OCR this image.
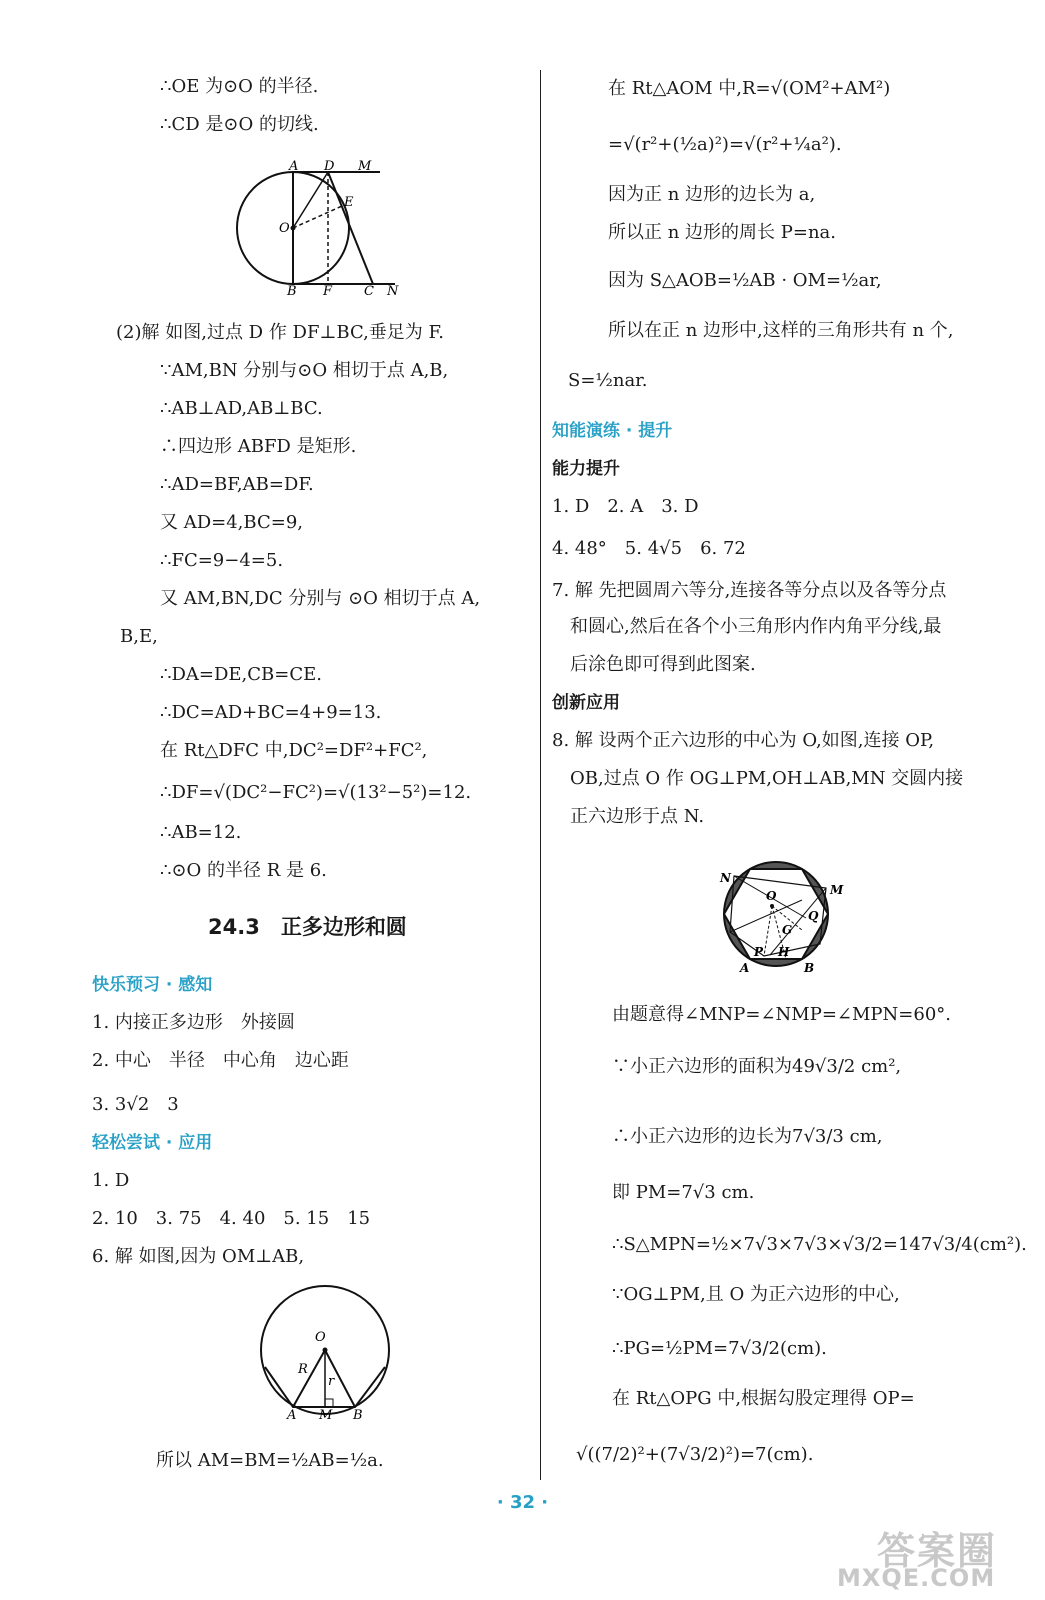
∴OE 为⊙O 的半径.
∴CD 是⊙O 的切线.
A D M
E
O
B F C N
(2)解 如图,过点 D 作 DF⊥BC,垂足为 F.
∵AM,BN 分别与⊙O 相切于点 A,B,
∴AB⊥AD,AB⊥BC.
∴四边形 ABFD 是矩形.
∴AD=BF,AB=DF.
又 AD=4,BC=9,
∴FC=9−4=5.
又 AM,BN,DC 分别与 ⊙O 相切于点 A,
B,E,
∴DA=DE,CB=CE.
∴DC=AD+BC=4+9=13.
在 Rt△DFC 中,DC²=DF²+FC²,
∴DF=√(DC²−FC²)=√(13²−5²)=12.
∴AB=12.
∴⊙O 的半径 R 是 6.
24.3　正多边形和圆
快乐预习 · 感知
1. 内接正多边形　外接圆
2. 中心　半径　中心角　边心距
3. 3√2　3
轻松尝试 · 应用
1. D
2. 10　3. 75　4. 40　5. 15　15
6. 解 如图,因为 OM⊥AB,
所以 AM=BM=½AB=½a.
O
R
r
A M B
在 Rt△AOM 中,R=√(OM²+AM²)
=√(r²+(½a)²)=√(r²+¼a²).
因为正 n 边形的边长为 a,
所以正 n 边形的周长 P=na.
因为 S△AOB=½AB · OM=½ar,
所以在正 n 边形中,这样的三角形共有 n 个,
S=½nar.
知能演练 · 提升
能力提升
1. D　2. A　3. D
4. 48°　5. 4√5　6. 72
7. 解 先把圆周六等分,连接各等分点以及各等分点
和圆心,然后在各个小三角形内作内角平分线,最
后涂色即可得到此图案.
创新应用
8. 解 设两个正六边形的中心为 O,如图,连接 OP,
OB,过点 O 作 OG⊥PM,OH⊥AB,MN 交圆内接
正六边形于点 N.
N
M
O
Q
G
P H
A	B
由题意得∠MNP=∠NMP=∠MPN=60°.
∵小正六边形的面积为49√3/2 cm²,
∴小正六边形的边长为7√3/3 cm,
即 PM=7√3 cm.
∴S△MPN=½×7√3×7√3×√3/2=147√3/4(cm²).
∵OG⊥PM,且 O 为正六边形的中心,
∴PG=½PM=7√3/2(cm).
在 Rt△OPG 中,根据勾股定理得 OP=
√((7/2)²+(7√3/2)²)=7(cm).
· 32 ·
答案圈
MXQE.COM
